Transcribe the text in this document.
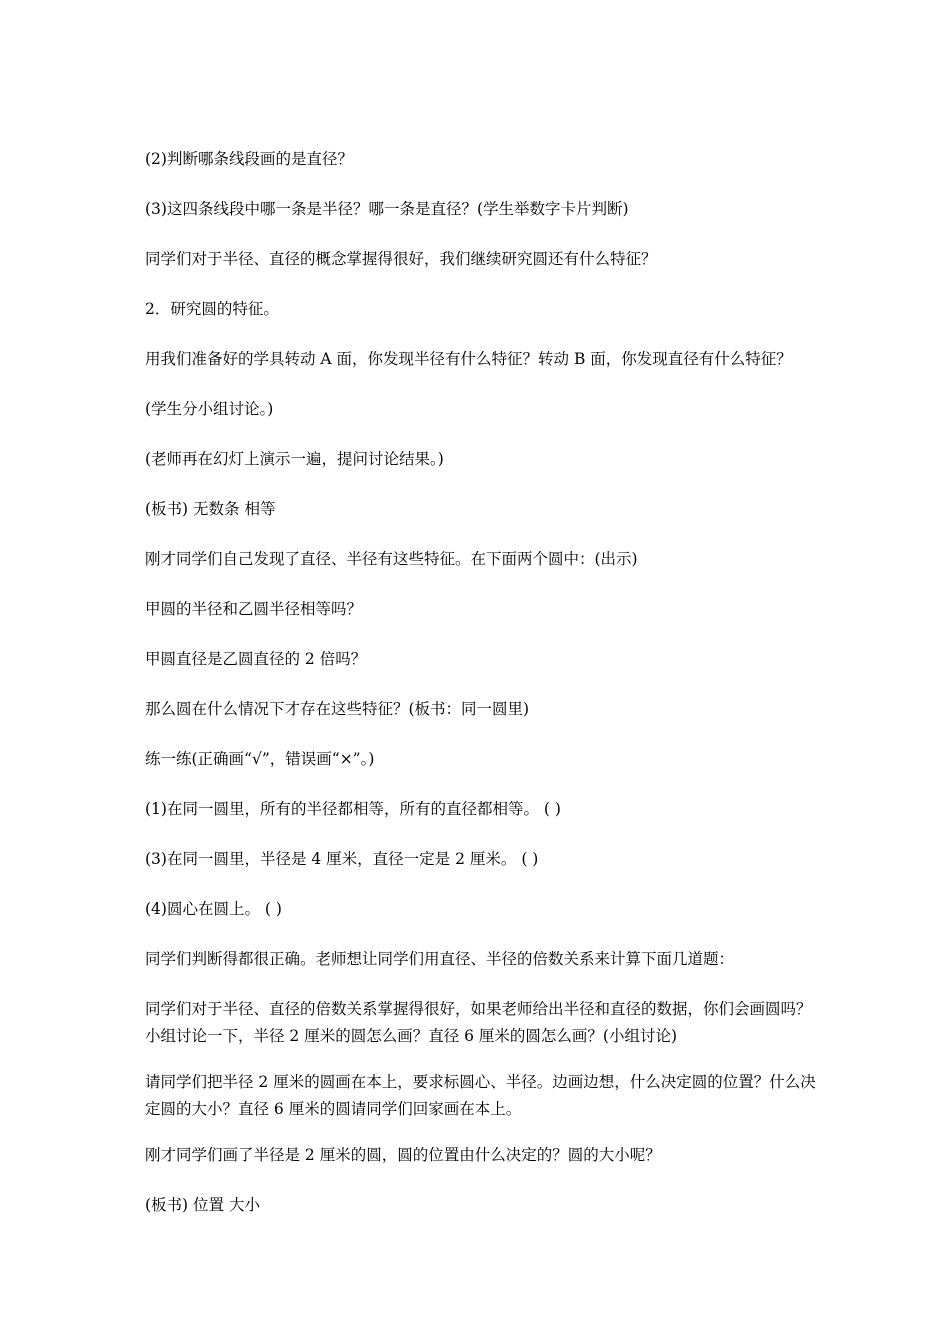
(2)判断哪条线段画的是直径？

(3)这四条线段中哪一条是半径？哪一条是直径？(学生举数字卡片判断)

同学们对于半径、直径的概念掌握得很好，我们继续研究圆还有什么特征？

2．研究圆的特征。

用我们准备好的学具转动 A 面，你发现半径有什么特征？转动 B 面，你发现直径有什么特征？

(学生分小组讨论。)

(老师再在幻灯上演示一遍，提问讨论结果。)

(板书) 无数条 相等

刚才同学们自己发现了直径、半径有这些特征。在下面两个圆中：(出示)

甲圆的半径和乙圆半径相等吗？

甲圆直径是乙圆直径的 2 倍吗？

那么圆在什么情况下才存在这些特征？(板书：同一圆里)

练一练(正确画“√”，错误画“×”。)

(1)在同一圆里，所有的半径都相等，所有的直径都相等。 ( )

(3)在同一圆里，半径是 4 厘米，直径一定是 2 厘米。 ( )

(4)圆心在圆上。 ( )

同学们判断得都很正确。老师想让同学们用直径、半径的倍数关系来计算下面几道题：

同学们对于半径、直径的倍数关系掌握得很好，如果老师给出半径和直径的数据，你们会画圆吗？小组讨论一下，半径 2 厘米的圆怎么画？直径 6 厘米的圆怎么画？(小组讨论)

请同学们把半径 2 厘米的圆画在本上，要求标圆心、半径。边画边想，什么决定圆的位置？什么决定圆的大小？直径 6 厘米的圆请同学们回家画在本上。

刚才同学们画了半径是 2 厘米的圆，圆的位置由什么决定的？圆的大小呢？

(板书) 位置 大小
